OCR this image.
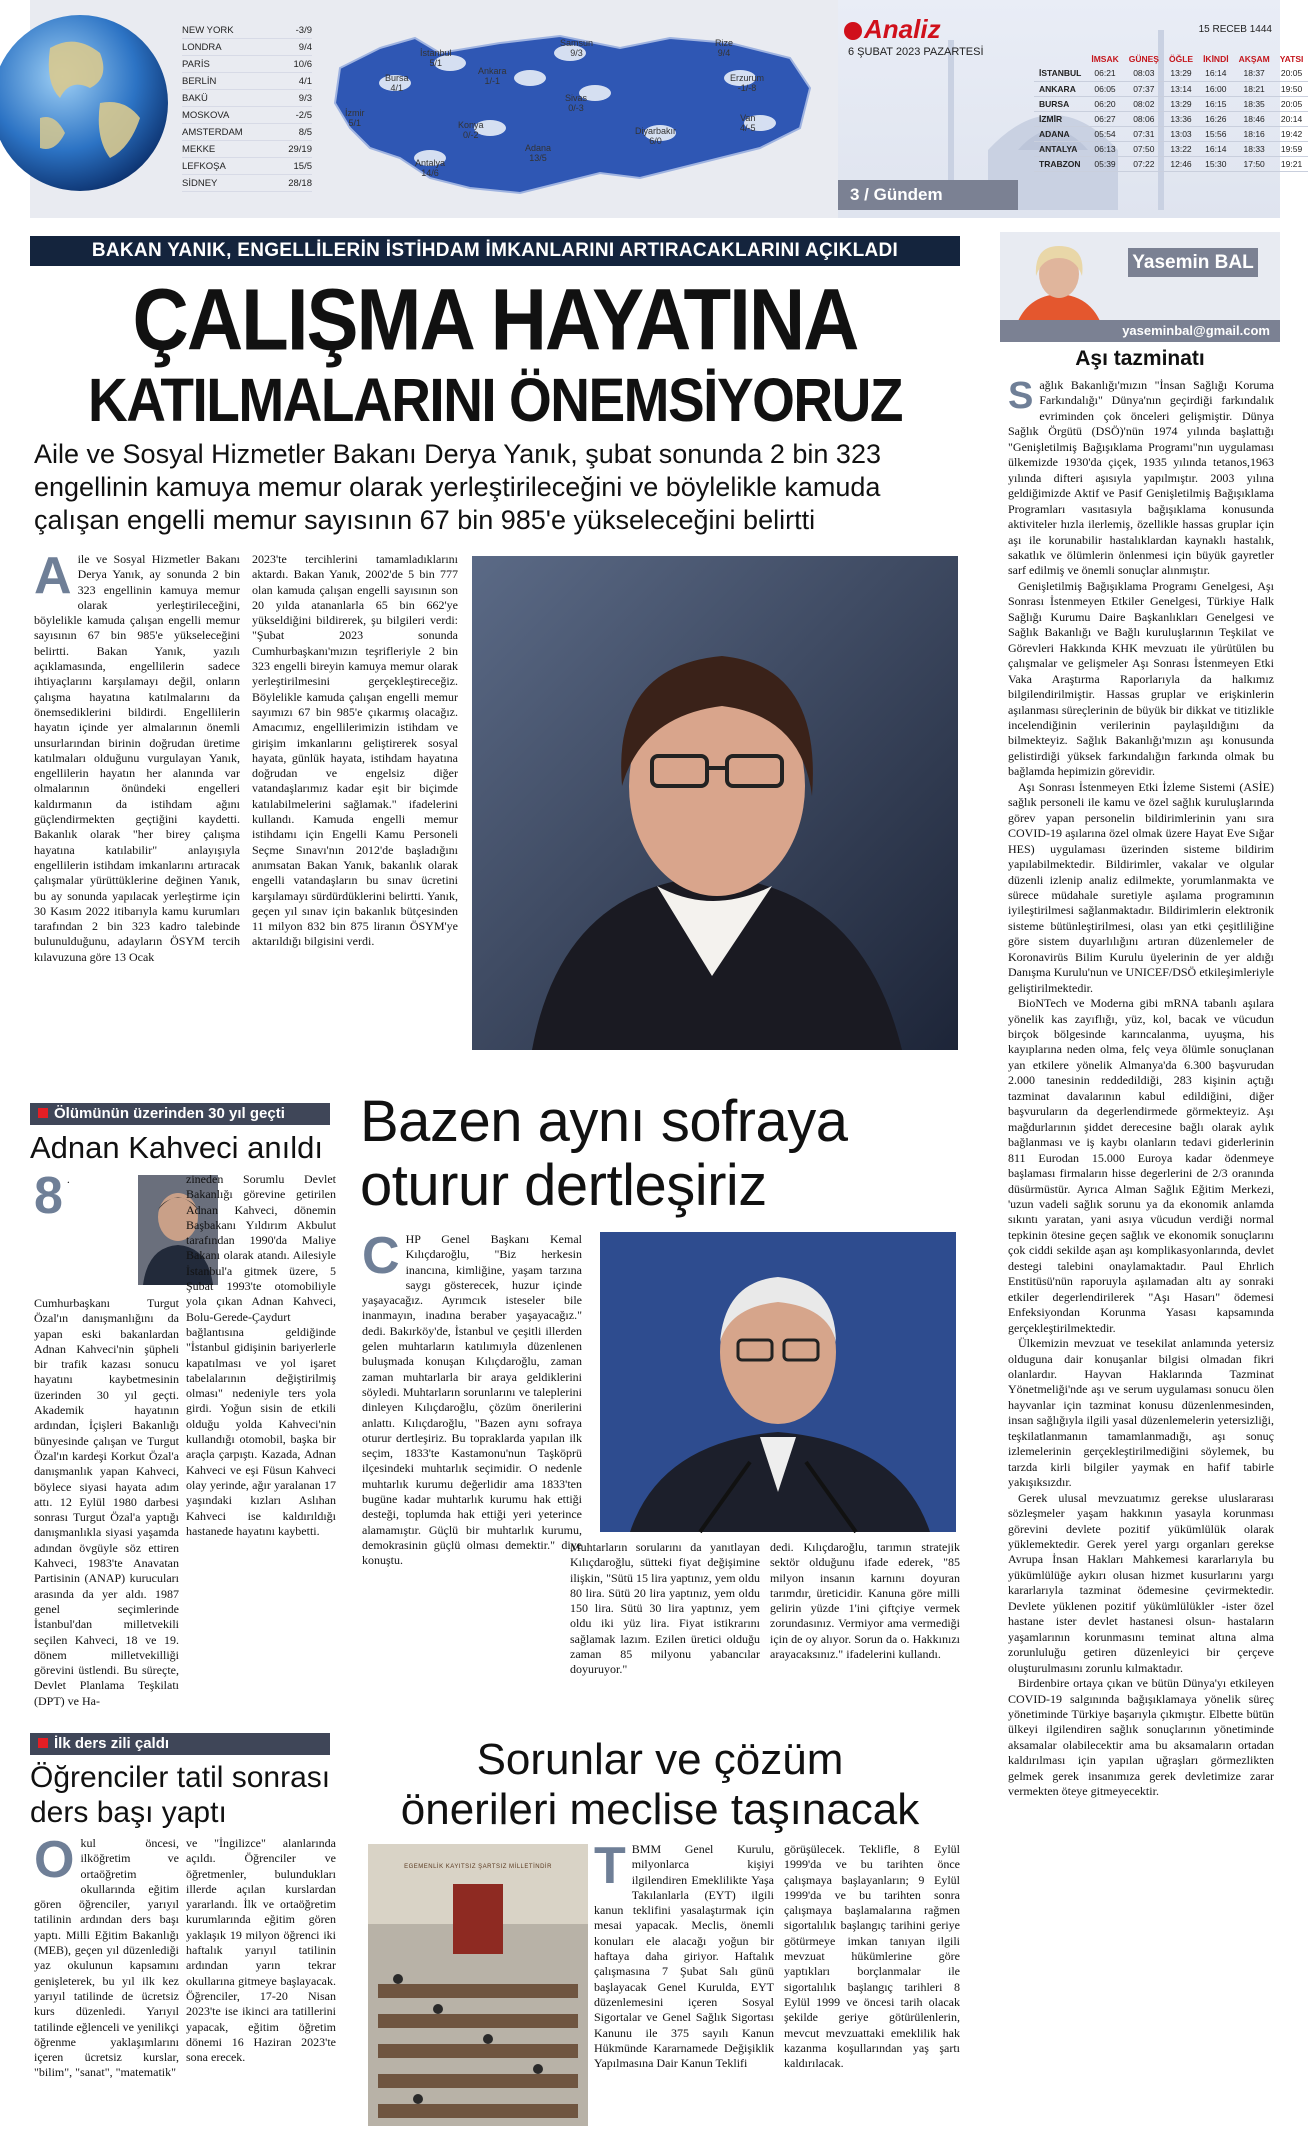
NEW YORK	-3/9
LONDRA	9/4
PARİS	10/6
BERLİN	4/1
BAKÜ	9/3
MOSKOVA	-2/5
AMSTERDAM	8/5
MEKKE	29/19
LEFKOŞA	15/5
SİDNEY	28/18
İstanbul
5/1
Bursa
4/1
İzmir
5/1
Ankara
1/-1
Konya
0/-2
Antalya
14/6
Samsun
9/3
Sivas
0/-3
Adana
13/5
Diyarbakır
6/0
Rize
9/4
Erzurum
-1/-8
Van
4/-5
Analiz
6 ŞUBAT 2023 PAZARTESİ
15 RECEB 1444
	İMSAK	GÜNEŞ	ÖĞLE	İKİNDİ	AKŞAM	YATSI
İSTANBUL	06:21	08:03	13:29	16:14	18:37	20:05
ANKARA	06:05	07:37	13:14	16:00	18:21	19:50
BURSA	06:20	08:02	13:29	16:15	18:35	20:05
İZMİR	06:27	08:06	13:36	16:26	18:46	20:14
ADANA	05:54	07:31	13:03	15:56	18:16	19:42
ANTALYA	06:13	07:50	13:22	16:14	18:33	19:59
TRABZON	05:39	07:22	12:46	15:30	17:50	19:21
3 / Gündem
BAKAN YANIK, ENGELLİLERİN İSTİHDAM İMKANLARINI ARTIRACAKLARINI AÇIKLADI
ÇALIŞMA HAYATINA
KATILMALARINI ÖNEMSİYORUZ
Aile ve Sosyal Hizmetler Bakanı Derya Yanık, şubat sonunda 2 bin 323 engellinin kamuya memur olarak yerleştirileceğini ve böylelikle kamuda çalışan engelli memur sayısının 67 bin 985'e yükseleceğini belirtti
Aile ve Sosyal Hizmetler Bakanı Derya Yanık, ay sonunda 2 bin 323 engellinin kamuya memur olarak yerleştirileceğini, böylelikle kamuda çalışan engelli memur sayısının 67 bin 985'e yükseleceğini belirtti. Bakan Yanık, yazılı açıklamasında, engellilerin sadece ihtiyaçlarını karşılamayı değil, onların çalışma hayatına katılmalarını da önemsediklerini bildirdi. Engellilerin hayatın içinde yer almalarının önemli unsurlarından birinin doğrudan üretime katılmaları olduğunu vurgulayan Yanık, engellilerin hayatın her alanında var olmalarının önündeki engelleri kaldırmanın da istihdam ağını güçlendirmekten geçtiğini kaydetti. Bakanlık olarak "her birey çalışma hayatına katılabilir" anlayışıyla engellilerin istihdam imkanlarını artıracak çalışmalar yürüttüklerine değinen Yanık, bu ay sonunda yapılacak yerleştirme için 30 Kasım 2022 itibarıyla kamu kurumları tarafından 2 bin 323 kadro talebinde bulunulduğunu, adayların ÖSYM tercih kılavuzuna göre 13 Ocak
2023'te tercihlerini tamamladıklarını aktardı. Bakan Yanık, 2002'de 5 bin 777 olan kamuda çalışan engelli sayısının son 20 yılda atananlarla 65 bin 662'ye yükseldiğini bildirerek, şu bilgileri verdi: "Şubat 2023 sonunda Cumhurbaşkanı'mızın teşrifleriyle 2 bin 323 engelli bireyin kamuya memur olarak yerleştirilmesini gerçekleştireceğiz. Böylelikle kamuda çalışan engelli memur sayımızı 67 bin 985'e çıkarmış olacağız. Amacımız, engellilerimizin istihdam ve girişim imkanlarını geliştirerek sosyal hayata, günlük hayata, istihdam hayatına doğrudan ve engelsiz diğer vatandaşlarımız kadar eşit bir biçimde katılabilmelerini sağlamak." ifadelerini kullandı. Kamuda engelli memur istihdamı için Engelli Kamu Personeli Seçme Sınavı'nın 2012'de başladığını anımsatan Bakan Yanık, bakanlık olarak engelli vatandaşların bu sınav ücretini karşılamayı sürdürdüklerini belirtti. Yanık, geçen yıl sınav için bakanlık bütçesinden 11 milyon 832 bin 875 liranın ÖSYM'ye aktarıldığı bilgisini verdi.
Ölümünün üzerinden 30 yıl geçti
Adnan Kahveci anıldı
8 . Cumhurbaşkanı Turgut Özal'ın danışmanlığını da yapan eski bakanlardan Adnan Kahveci'nin şüpheli bir trafik kazası sonucu hayatını kaybetmesinin üzerinden 30 yıl geçti. Akademik hayatının ardından, İçişleri Bakanlığı bünyesinde çalışan ve Turgut Özal'ın kardeşi Korkut Özal'a danışmanlık yapan Kahveci, böylece siyasi hayata adım attı. 12 Eylül 1980 darbesi sonrası Turgut Özal'a yaptığı danışmanlıkla siyasi yaşamda adından övgüyle söz ettiren Kahveci, 1983'te Anavatan Partisinin (ANAP) kurucuları arasında da yer aldı. 1987 genel seçimlerinde İstanbul'dan milletvekili seçilen Kahveci, 18 ve 19. dönem milletvekilliği görevini üstlendi. Bu süreçte, Devlet Planlama Teşkilatı (DPT) ve Ha-
zineden Sorumlu Devlet Bakanlığı görevine getirilen Adnan Kahveci, dönemin Başbakanı Yıldırım Akbulut tarafından 1990'da Maliye Bakanı olarak atandı. Ailesiyle İstanbul'a gitmek üzere, 5 Şubat 1993'te otomobiliyle yola çıkan Adnan Kahveci, Bolu-Gerede-Çaydurt bağlantısına geldiğinde "İstanbul gidişinin bariyerlerle kapatılması ve yol işaret tabelalarının değiştirilmiş olması" nedeniyle ters yola girdi. Yoğun sisin de etkili olduğu yolda Kahveci'nin kullandığı otomobil, başka bir araçla çarpıştı. Kazada, Adnan Kahveci ve eşi Füsun Kahveci olay yerinde, ağır yaralanan 17 yaşındaki kızları Aslıhan Kahveci ise kaldırıldığı hastanede hayatını kaybetti.
Bazen aynı sofraya
oturur dertleşiriz
CHP Genel Başkanı Kemal Kılıçdaroğlu, "Biz herkesin inancına, kimliğine, yaşam tarzına saygı gösterecek, huzur içinde yaşayacağız. Ayrımcık isteseler bile inanmayın, inadına beraber yaşayacağız." dedi. Bakırköy'de, İstanbul ve çeşitli illerden gelen muhtarların katılımıyla düzenlenen buluşmada konuşan Kılıçdaroğlu, zaman zaman muhtarlarla bir araya geldiklerini söyledi. Muhtarların sorunlarını ve taleplerini dinleyen Kılıçdaroğlu, çözüm önerilerini anlattı. Kılıçdaroğlu, "Bazen aynı sofraya oturur dertleşiriz. Bu topraklarda yapılan ilk seçim, 1833'te Kastamonu'nun Taşköprü ilçesindeki muhtarlık seçimidir. O nedenle muhtarlık kurumu değerlidir ama 1833'ten bugüne kadar muhtarlık kurumu hak ettiği desteği, toplumda hak ettiği yeri yeterince alamamıştır. Güçlü bir muhtarlık kurumu, demokrasinin güçlü olması demektir." diye konuştu.
Muhtarların sorularını da yanıtlayan Kılıçdaroğlu, sütteki fiyat değişimine ilişkin, "Sütü 15 lira yaptınız, yem oldu 80 lira. Sütü 20 lira yaptınız, yem oldu 150 lira. Sütü 30 lira yaptınız, yem oldu iki yüz lira. Fiyat istikrarını sağlamak lazım. Ezilen üretici olduğu zaman 85 milyonu yabancılar doyuruyor."
dedi. Kılıçdaroğlu, tarımın stratejik sektör olduğunu ifade ederek, "85 milyon insanın karnını doyuran tarımdır, üreticidir. Kanuna göre milli gelirin yüzde 1'ini çiftçiye vermek zorundasınız. Vermiyor ama vermediği için de oy alıyor. Sorun da o. Hakkınızı arayacaksınız." ifadelerini kullandı.
İlk ders zili çaldı
Öğrenciler tatil sonrası ders başı yaptı
Okul öncesi, ilköğretim ve ortaöğretim okullarında eğitim gören öğrenciler, yarıyıl tatilinin ardından ders başı yaptı. Milli Eğitim Bakanlığı (MEB), geçen yıl düzenlediği yaz okulunun kapsamını genişleterek, bu yıl ilk kez yarıyıl tatilinde de ücretsiz kurs düzenledi. Yarıyıl tatilinde eğlenceli ve yenilikçi öğrenme yaklaşımlarını içeren ücretsiz kurslar, "bilim", "sanat", "matematik"
ve "İngilizce" alanlarında açıldı. Öğrenciler ve öğretmenler, bulundukları illerde açılan kurslardan yararlandı. İlk ve ortaöğretim kurumlarında eğitim gören yaklaşık 19 milyon öğrenci iki haftalık yarıyıl tatilinin ardından yarın tekrar okullarına gitmeye başlayacak. Öğrenciler, 17-20 Nisan 2023'te ise ikinci ara tatillerini yapacak, eğitim öğretim dönemi 16 Haziran 2023'te sona erecek.
Sorunlar ve çözüm
önerileri meclise taşınacak
EGEMENLİK KAYITSIZ ŞARTSIZ MİLLETİNDİR TBMM Genel Kurulu, milyonlarca kişiyi ilgilendiren Emeklilikte Yaşa Takılanlarla (EYT) ilgili kanun teklifini yasalaştırmak için mesai yapacak. Meclis, önemli konuları ele alacağı yoğun bir haftaya daha giriyor. Haftalık çalışmasına 7 Şubat Salı günü başlayacak Genel Kurulda, EYT düzenlemesini içeren Sosyal Sigortalar ve Genel Sağlık Sigortası Kanunu ile 375 sayılı Kanun Hükmünde Kararnamede Değişiklik Yapılmasına Dair Kanun Teklifi
görüşülecek. Teklifle, 8 Eylül 1999'da ve bu tarihten önce çalışmaya başlayanların; 9 Eylül 1999'da ve bu tarihten sonra çalışmaya başlamalarına rağmen sigortalılık başlangıç tarihini geriye götürmeye imkan tanıyan ilgili mevzuat hükümlerine göre yaptıkları borçlanmalar ile sigortalılık başlangıç tarihleri 8 Eylül 1999 ve öncesi tarih olacak şekilde geriye götürülenlerin, mevcut mevzuattaki emeklilik hak kazanma koşullarından yaş şartı kaldırılacak.
Yasemin BAL
yaseminbal@gmail.com
Aşı tazminatı

Sağlık Bakanlığı'mızın "İnsan Sağlığı Koruma Farkındalığı" Dünya'nın geçirdiği farkındalık evriminden çok önceleri gelişmiştir. Dünya Sağlık Örgütü (DSÖ)'nün 1974 yılında başlattığı "Genişletilmiş Bağışıklama Programı"nın uygulaması ülkemizde 1930'da çiçek, 1935 yılında tetanos,1963 yılında difteri aşısıyla yapılmıştır. 2003 yılına geldiğimizde Aktif ve Pasif Genişletilmiş Bağışıklama Programları vasıtasıyla bağışıklama konusunda aktiviteler hızla ilerlemiş, özellikle hassas gruplar için aşı ile korunabilir hastalıklardan kaynaklı hastalık, sakatlık ve ölümlerin önlenmesi için büyük gayretler sarf edilmiş ve önemli sonuçlar alınmıştır.

Genişletilmiş Bağışıklama Programı Genelgesi, Aşı Sonrası İstenmeyen Etkiler Genelgesi, Türkiye Halk Sağlığı Kurumu Daire Başkanlıkları Genelgesi ve Sağlık Bakanlığı ve Bağlı kuruluşlarının Teşkilat ve Görevleri Hakkında KHK mevzuatı ile yürütülen bu çalışmalar ve gelişmeler Aşı Sonrası İstenmeyen Etki Vaka Araştırma Raporlarıyla da halkımız bilgilendirilmiştir. Hassas gruplar ve erişkinlerin aşılanması süreçlerinin de büyük bir dikkat ve titizlikle incelendiğinin verilerinin paylaşıldığını da bilmekteyiz. Sağlık Bakanlığı'mızın aşı konusunda gelistirdiği yüksek farkındalığın farkında olmak bu bağlamda hepimizin görevidir.

Aşı Sonrası İstenmeyen Etki İzleme Sistemi (ASİE) sağlık personeli ile kamu ve özel sağlık kuruluşlarında görev yapan personelin bildirimlerinin yanı sıra COVID-19 aşılarına özel olmak üzere Hayat Eve Sığar HES) uygulaması üzerinden sisteme bildirim yapılabilmektedir. Bildirimler, vakalar ve olgular düzenli izlenip analiz edilmekte, yorumlanmakta ve sürece müdahale suretiyle aşılama programının iyileştirilmesi sağlanmaktadır. Bildirimlerin elektronik sisteme bütünleştirilmesi, olası yan etki çeşitliliğine göre sistem duyarlılığını artıran düzenlemeler de Koronavirüs Bilim Kurulu üyelerinin de yer aldığı Danışma Kurulu'nun ve UNICEF/DSÖ etkileşimleriyle geliştirilmektedir.

BioNTech ve Moderna gibi mRNA tabanlı aşılara yönelik kas zayıflığı, yüz, kol, bacak ve vücudun birçok bölgesinde karıncalanma, uyuşma, his kayıplarına neden olma, felç veya ölümle sonuçlanan yan etkilere yönelik Almanya'da 6.300 başvurudan 2.000 tanesinin reddedildiği, 283 kişinin açtığı tazminat davalarının kabul edildiğini, diğer başvuruların da degerlendirmede görmekteyiz. Aşı mağdurlarının şiddet derecesine bağlı olarak aylık bağlanması ve iş kaybı olanların tedavi giderlerinin 811 Eurodan 15.000 Euroya kadar ödenmeye başlaması firmaların hisse degerlerini de 2/3 oranında düsürmüstür. Ayrıca Alman Sağlık Eğitim Merkezi, 'uzun vadeli sağlık sorunu ya da ekonomik anlamda sıkıntı yaratan, yani asıya vücudun verdiği normal tepkinin ötesine geçen sağlık ve ekonomik sonuçlarını çok ciddi sekilde aşan aşı komplikasyonlarında, devlet destegi talebini onaylamaktadır. Paul Ehrlich Enstitüsü'nün raporuyla aşılamadan altı ay sonraki etkiler degerlendirilerek "Aşı Hasarı" ödemesi Enfeksiyondan Korunma Yasası kapsamında gerçekleştirilmektedir.

Ülkemizin mevzuat ve tesekilat anlamında yetersiz olduguna dair konuşanlar bilgisi olmadan fikri olanlardır. Hayvan Haklarında Tazminat Yönetmeliği'nde aşı ve serum uygulaması sonucu ölen hayvanlar için tazminat konusu düzenlenmesinden, insan sağlığıyla ilgili yasal düzenlemelerin yetersizliği, teşkilatlanmanın tamamlanmadığı, aşı sonuç izlemelerinin gerçekleştirilmediğini söylemek, bu tarzda kirli bilgiler yaymak en hafif tabirle yakışıksızdır.

Gerek ulusal mevzuatımız gerekse uluslararası sözleşmeler yaşam hakkının yasayla korunması görevini devlete pozitif yükümlülük olarak yüklemektedir. Gerek yerel yargı organları gerekse Avrupa İnsan Hakları Mahkemesi kararlarıyla bu yükümlülüğe aykırı olusan hizmet kusurlarını yargı kararlarıyla tazminat ödemesine çevirmektedir. Devlete yüklenen pozitif yükümlülükler -ister özel hastane ister devlet hastanesi olsun- hastaların yaşamlarının korunmasını teminat altına alma zorunluluğu getiren düzenleyici bir çerçeve oluşturulmasını zorunlu kılmaktadır.

Birdenbire ortaya çıkan ve bütün Dünya'yı etkileyen COVID-19 salgınında bağışıklamaya yönelik süreç yönetiminde Türkiye başarıyla çıkmıştır. Elbette bütün ülkeyi ilgilendiren sağlık sonuçlarının yönetiminde aksamalar olabilecektir ama bu aksamaların ortadan kaldırılması için yapılan uğraşları görmezlikten gelmek gerek insanımıza gerek devletimize zarar vermekten öteye gitmeyecektir.
